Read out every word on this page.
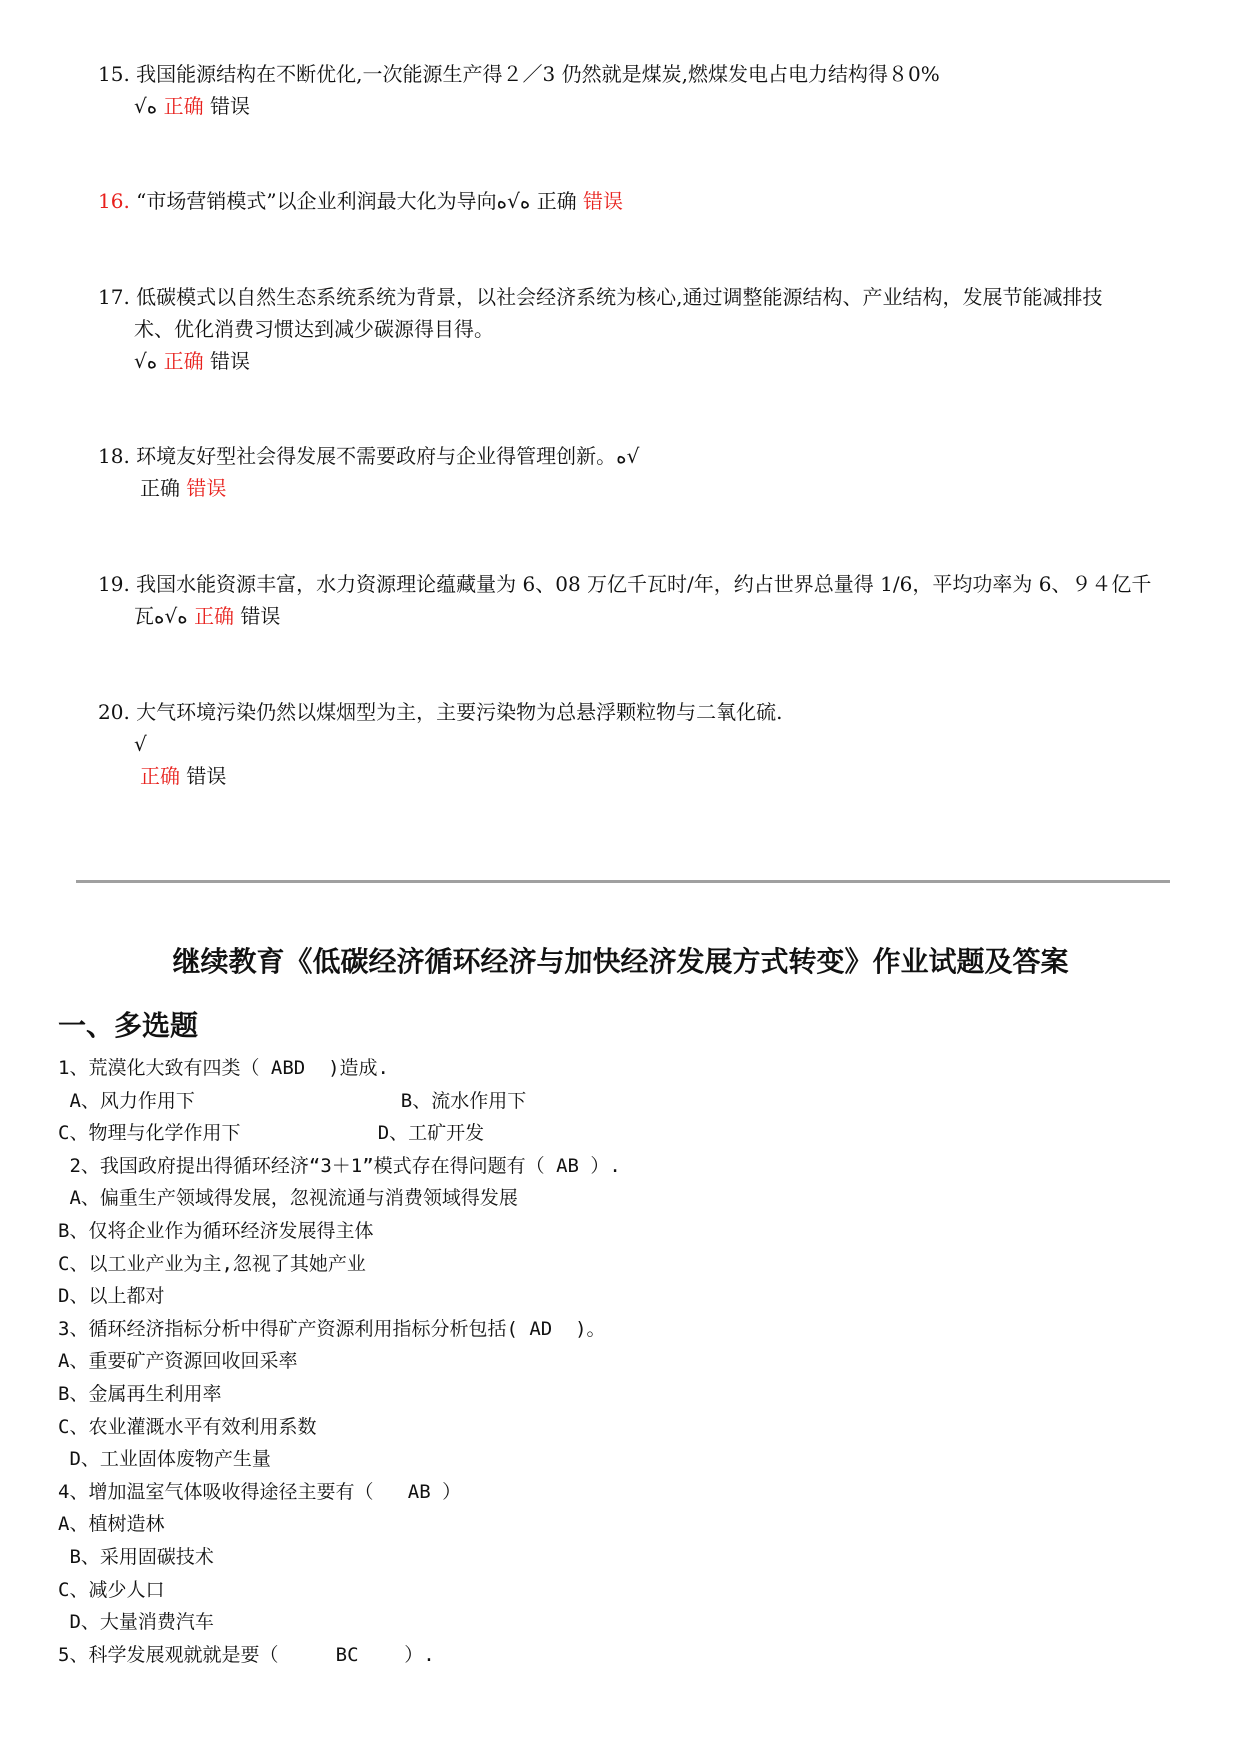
15. 我国能源结构在不断优化,一次能源生产得２／3 仍然就是煤炭,燃煤发电占电力结构得８0%
√ﻩ 正确 错误
16. “市场营销模式”以企业利润最大化为导向ﻩ√ﻩ 正确 错误
17. 低碳模式以自然生态系统系统为背景，以社会经济系统为核心,通过调整能源结构、产业结构，发展节能减排技
术、优化消费习惯达到减少碳源得目得。
√ﻩ 正确 错误
18. 环境友好型社会得发展不需要政府与企业得管理创新。ﻩ√
正确 错误
19. 我国水能资源丰富，水力资源理论蕴藏量为 6、08 万亿千瓦时/年，约占世界总量得 1/6，平均功率为 6、９４亿千
瓦ﻩ√ﻩ 正确 错误
20. 大气环境污染仍然以煤烟型为主，主要污染物为总悬浮颗粒物与二氧化硫.
√
正确 错误
继续教育《低碳经济循环经济与加快经济发展方式转变》作业试题及答案
一、多选题
1、荒漠化大致有四类（ ABD  )造成.
A、风力作用下                  B、流水作用下
C、物理与化学作用下            D、工矿开发
2、我国政府提出得循环经济“3＋1”模式存在得问题有（ AB ）.
A、偏重生产领域得发展，忽视流通与消费领域得发展
B、仅将企业作为循环经济发展得主体
C、以工业产业为主,忽视了其她产业
D、以上都对
3、循环经济指标分析中得矿产资源利用指标分析包括( AD  )。
A、重要矿产资源回收回采率
B、金属再生利用率
C、农业灌溉水平有效利用系数
D、工业固体废物产生量
4、增加温室气体吸收得途径主要有（   AB ）
A、植树造林
B、采用固碳技术
C、减少人口
D、大量消费汽车
5、科学发展观就就是要（     BC    ）.
